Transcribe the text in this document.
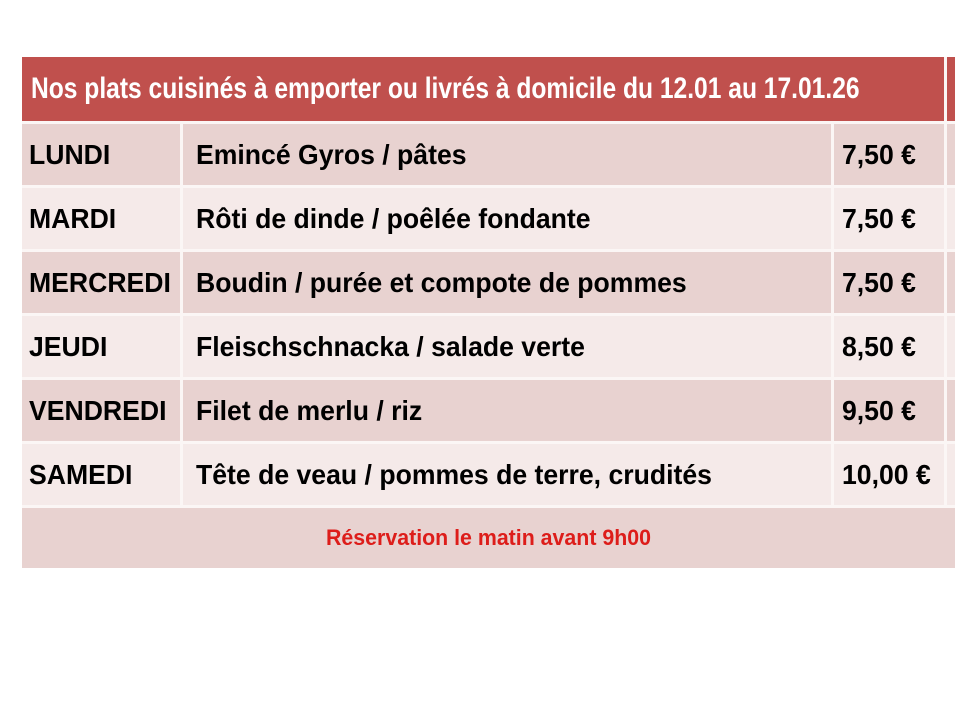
Nos plats cuisinés à emporter ou livrés à domicile du 12.01 au 17.01.26
LUNDI	Emincé Gyros / pâtes	7,50 €
MARDI	Rôti de dinde / poêlée fondante	7,50 €
MERCREDI Boudin / purée et compote de pommes	7,50 €
JEUDI	Fleischschnacka / salade verte	8,50 €
VENDREDI Filet de merlu / riz	9,50 €
SAMEDI Tête de veau / pommes de terre, crudités	10,00 €
Réservation le matin avant 9h00
